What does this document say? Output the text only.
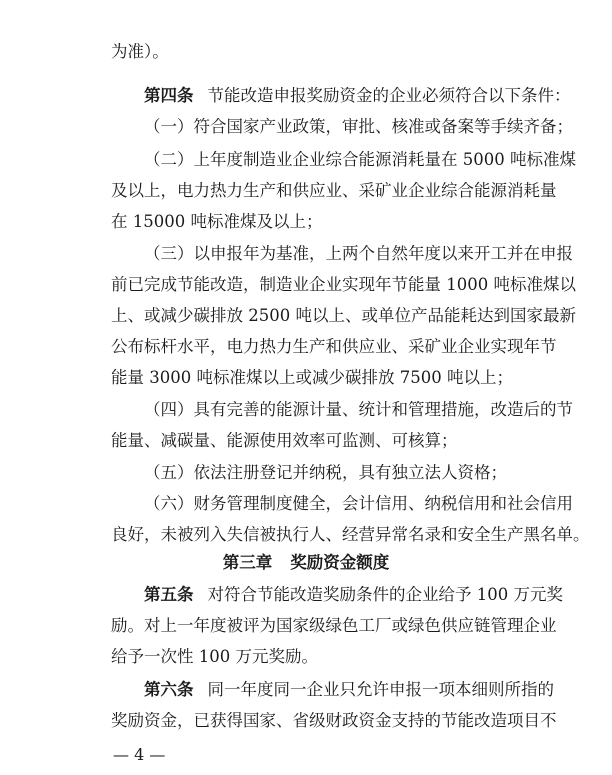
为准）。
第四条 节能改造申报奖励资金的企业必须符合以下条件：
（一）符合国家产业政策，审批、核准或备案等手续齐备；
（二）上年度制造业企业综合能源消耗量在 5000 吨标准煤
及以上，电力热力生产和供应业、采矿业企业综合能源消耗量
在 15000 吨标准煤及以上；
（三）以申报年为基准，上两个自然年度以来开工并在申报
前已完成节能改造，制造业企业实现年节能量 1000 吨标准煤以
上、或减少碳排放 2500 吨以上、或单位产品能耗达到国家最新
公布标杆水平，电力热力生产和供应业、采矿业企业实现年节
能量 3000 吨标准煤以上或减少碳排放 7500 吨以上；
（四）具有完善的能源计量、统计和管理措施，改造后的节
能量、减碳量、能源使用效率可监测、可核算；
（五）依法注册登记并纳税，具有独立法人资格；
（六）财务管理制度健全，会计信用、纳税信用和社会信用
良好，未被列入失信被执行人、经营异常名录和安全生产黑名单。
第三章 奖励资金额度
第五条 对符合节能改造奖励条件的企业给予 100 万元奖
励。对上一年度被评为国家级绿色工厂或绿色供应链管理企业
给予一次性 100 万元奖励。
第六条 同一年度同一企业只允许申报一项本细则所指的
奖励资金，已获得国家、省级财政资金支持的节能改造项目不
— 4 —
